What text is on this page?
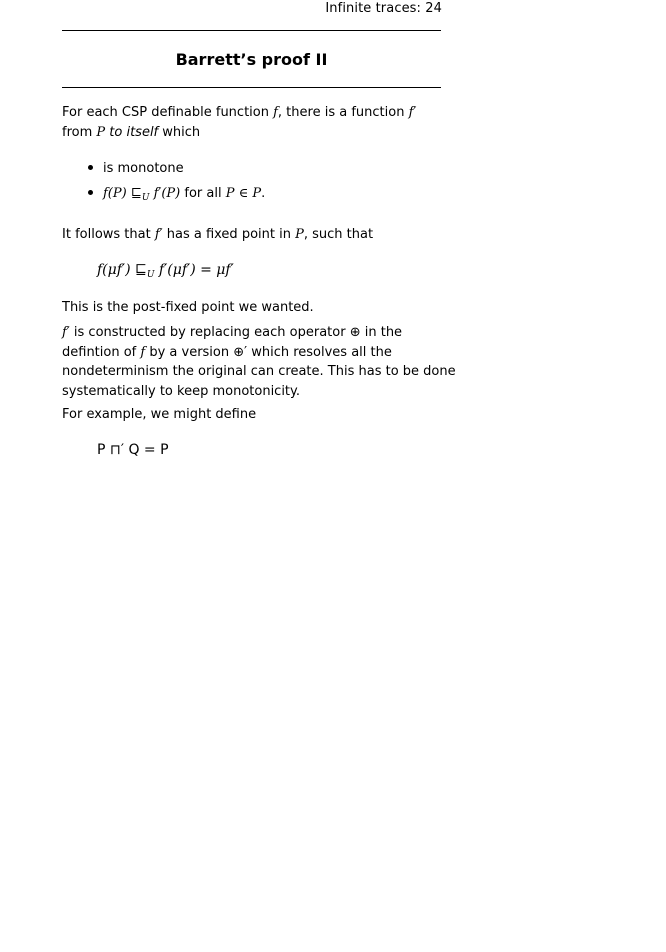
Infinite traces: 24
Barrett’s proof II
For each CSP definable function f, there is a function f′
from P to itself which
is monotone
f(P) $⊑_U$ f′(P) for all P ∈ P.
It follows that f′ has a fixed point in P, such that
f(μf′) $⊑_U$ f′(μf′) = μf′
This is the post-fixed point we wanted.
f′ is constructed by replacing each operator ⊕ in the
defintion of f by a version ⊕′ which resolves all the
nondeterminism the original can create. This has to be done
systematically to keep monotonicity.
For example, we might define
P ⊓′ Q = P
